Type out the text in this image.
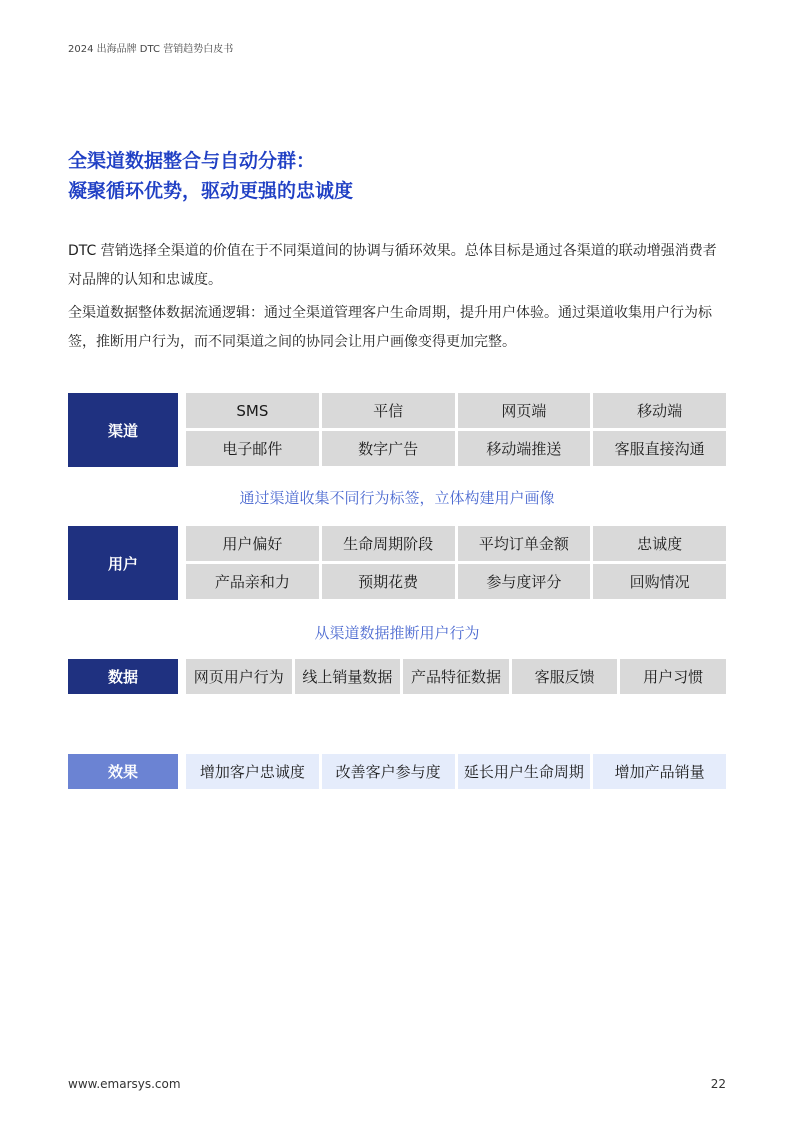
2024 出海品牌 DTC 营销趋势白皮书
全渠道数据整合与自动分群：
凝聚循环优势，驱动更强的忠诚度

DTC 营销选择全渠道的价值在于不同渠道间的协调与循环效果。总体目标是通过各渠道的联动增强消费者对品牌的认知和忠诚度。

全渠道数据整体数据流通逻辑：通过全渠道管理客户生命周期，提升用户体验。通过渠道收集用户行为标签，推断用户行为，而不同渠道之间的协同会让用户画像变得更加完整。

渠道
SMS	平信	网页端	移动端
电子邮件	数字广告	移动端推送	客服直接沟通
通过渠道收集不同行为标签，立体构建用户画像
用户
用户偏好	生命周期阶段	平均订单金额	忠诚度
产品亲和力	预期花费	参与度评分	回购情况
从渠道数据推断用户行为
数据	网页用户行为	线上销量数据	产品特征数据	客服反馈	用户习惯
效果	增加客户忠诚度	改善客户参与度	延长用户生命周期	增加产品销量
www.emarsys.com	22
